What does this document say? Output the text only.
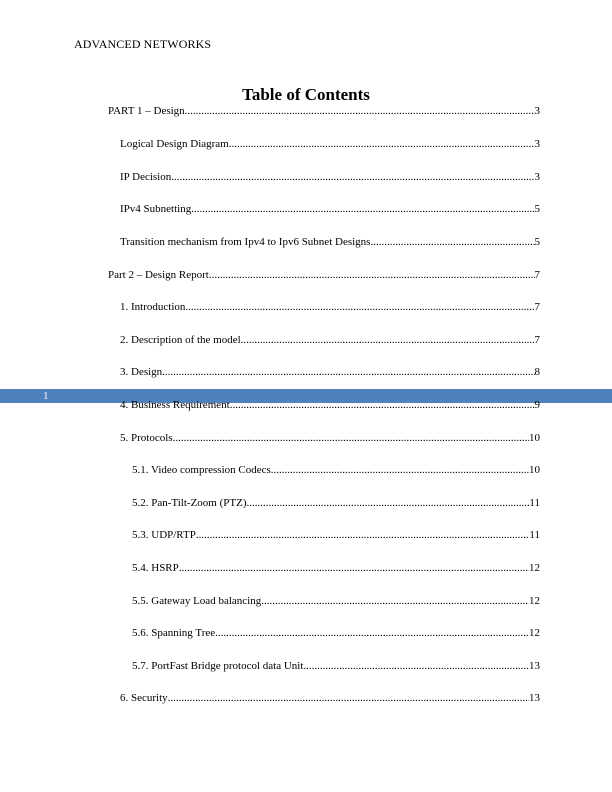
ADVANCED NETWORKS
Table of Contents
1
PART 1 – Design .....	3
Logical Design Diagram .....	3
IP Decision .....	3
IPv4 Subnetting .....	5
Transition mechanism from Ipv4 to Ipv6 Subnet Designs .....	5
Part 2 – Design Report .....	7
1. Introduction .....	7
2. Description of the model .....	7
3. Design .....	8
4. Business Requirement .....	9
5. Protocols .....	10
5.1. Video compression Codecs .....	10
5.2. Pan-Tilt-Zoom (PTZ) .....	11
5.3. UDP/RTP .....	11
5.4. HSRP .....	12
5.5. Gateway Load balancing .....	12
5.6. Spanning Tree .....	12
5.7. PortFast Bridge protocol data Unit .....	13
6. Security .....	13
